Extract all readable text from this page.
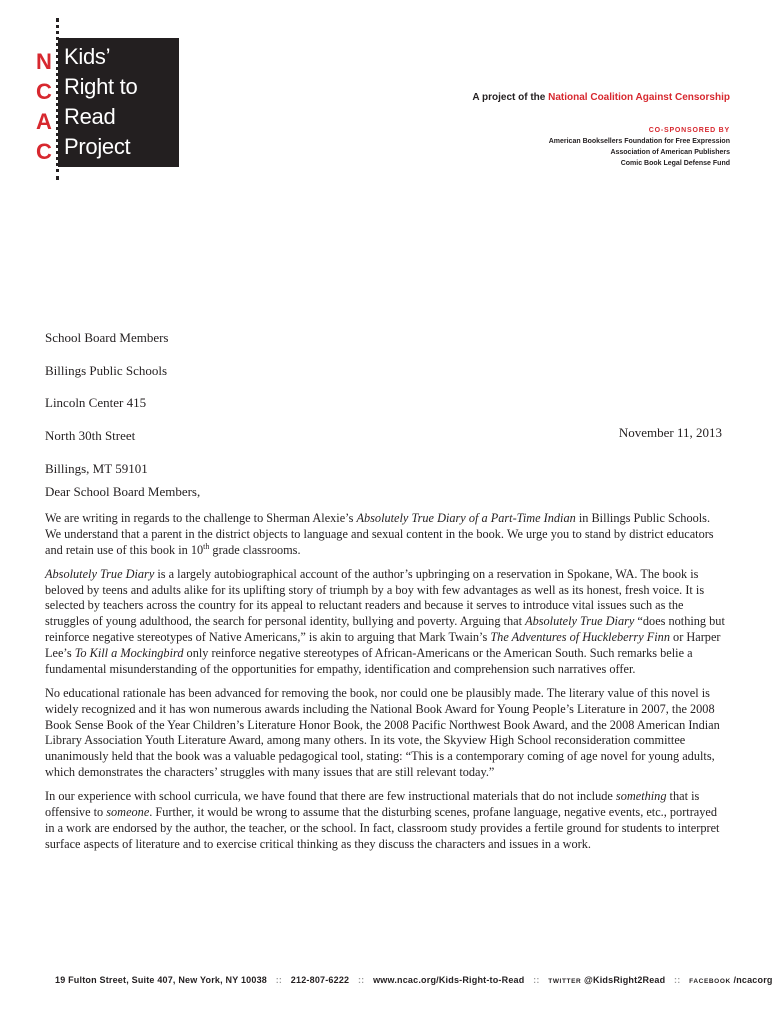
N
C
A
C
Kids’
Right to
Read
Project
A project of the National Coalition Against Censorship
CO-SPONSORED BY
American Booksellers Foundation for Free Expression
Association of American Publishers
Comic Book Legal Defense Fund

School Board Members

Billings Public Schools

Lincoln Center 415

North 30th Street

Billings, MT 59101

November 11, 2013
Dear School Board Members,

We are writing in regards to the challenge to Sherman Alexie’s Absolutely True Diary of a Part-Time Indian in Billings Public Schools. We understand that a parent in the district objects to language and sexual content in the book. We urge you to stand by district educators and retain use of this book in 10th grade classrooms.

Absolutely True Diary is a largely autobiographical account of the author’s upbringing on a reservation in Spokane, WA. The book is beloved by teens and adults alike for its uplifting story of triumph by a boy with few advantages as well as its honest, fresh voice. It is selected by teachers across the country for its appeal to reluctant readers and because it serves to introduce vital issues such as the struggles of young adulthood, the search for personal identity, bullying and poverty. Arguing that Absolutely True Diary “does nothing but reinforce negative stereotypes of Native Americans,” is akin to arguing that Mark Twain’s The Adventures of Huckleberry Finn or Harper Lee’s To Kill a Mockingbird only reinforce negative stereotypes of African-Americans or the American South. Such remarks belie a fundamental misunderstanding of the opportunities for empathy, identification and comprehension such narratives offer.

No educational rationale has been advanced for removing the book, nor could one be plausibly made. The literary value of this novel is widely recognized and it has won numerous awards including the National Book Award for Young People’s Literature in 2007, the 2008 Book Sense Book of the Year Children’s Literature Honor Book, the 2008 Pacific Northwest Book Award, and the 2008 American Indian Library Association Youth Literature Award, among many others. In its vote, the Skyview High School reconsideration committee unanimously held that the book was a valuable pedagogical tool, stating: “This is a contemporary coming of age novel for young adults, which demonstrates the characters’ struggles with many issues that are still relevant today.”

In our experience with school curricula, we have found that there are few instructional materials that do not include something that is offensive to someone. Further, it would be wrong to assume that the disturbing scenes, profane language, negative events, etc., portrayed in a work are endorsed by the author, the teacher, or the school. In fact, classroom study provides a fertile ground for students to interpret surface aspects of literature and to exercise critical thinking as they discuss the characters and issues in a work.

19 Fulton Street, Suite 407, New York, NY 10038 :: 212-807-6222 :: www.ncac.org/Kids-Right-to-Read :: TWITTER @KidsRight2Read :: FACEBOOK /ncacorg
